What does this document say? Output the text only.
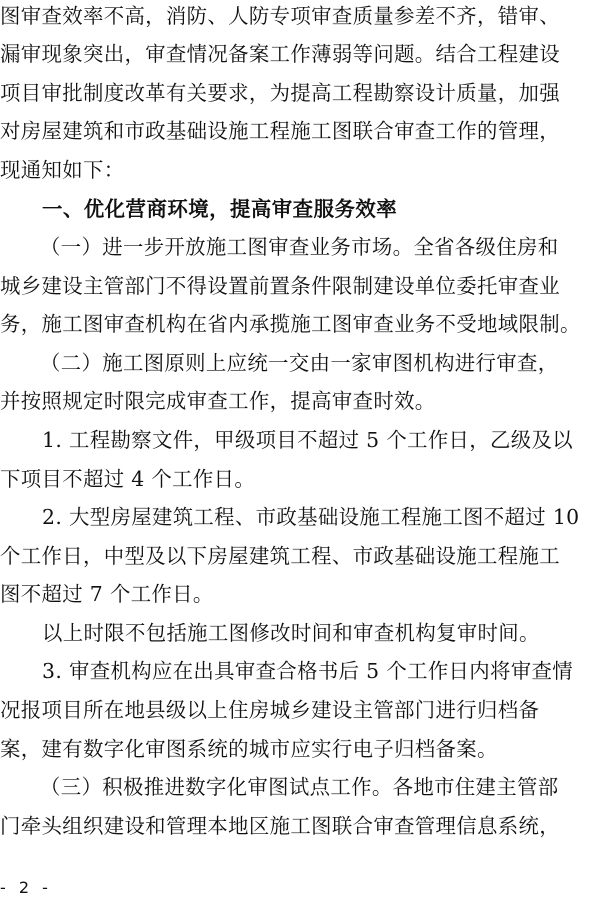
图审查效率不高，消防、人防专项审查质量参差不齐，错审、
漏审现象突出，审查情况备案工作薄弱等问题。结合工程建设
项目审批制度改革有关要求，为提高工程勘察设计质量，加强
对房屋建筑和市政基础设施工程施工图联合审查工作的管理，
现通知如下：
一、优化营商环境，提高审查服务效率
（一）进一步开放施工图审查业务市场。全省各级住房和
城乡建设主管部门不得设置前置条件限制建设单位委托审查业
务，施工图审查机构在省内承揽施工图审查业务不受地域限制。
（二）施工图原则上应统一交由一家审图机构进行审查，
并按照规定时限完成审查工作，提高审查时效。
1. 工程勘察文件，甲级项目不超过 5 个工作日，乙级及以
下项目不超过 4 个工作日。
2. 大型房屋建筑工程、市政基础设施工程施工图不超过 10
个工作日，中型及以下房屋建筑工程、市政基础设施工程施工
图不超过 7 个工作日。
以上时限不包括施工图修改时间和审查机构复审时间。
3. 审查机构应在出具审查合格书后 5 个工作日内将审查情
况报项目所在地县级以上住房城乡建设主管部门进行归档备
案，建有数字化审图系统的城市应实行电子归档备案。
（三）积极推进数字化审图试点工作。各地市住建主管部
门牵头组织建设和管理本地区施工图联合审查管理信息系统，
- 2 -
